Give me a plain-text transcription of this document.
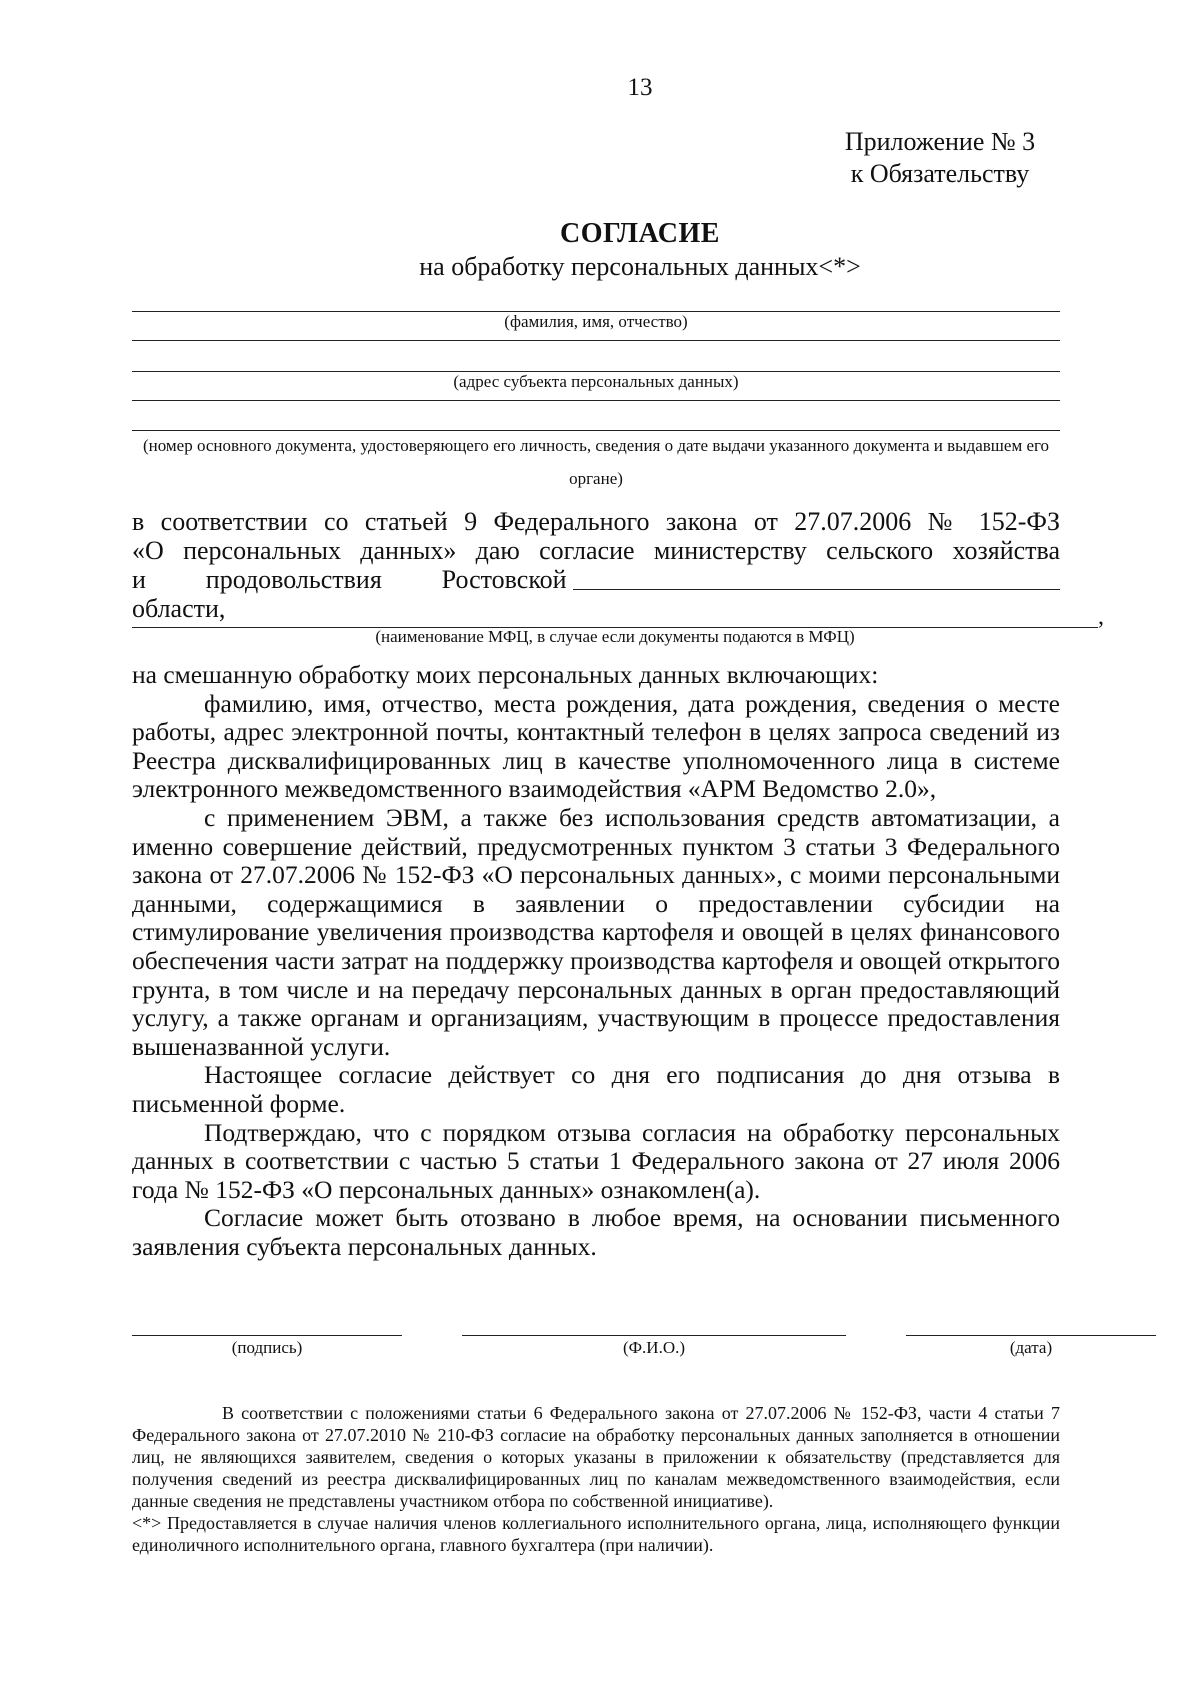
13
Приложение № 3
к Обязательству
СОГЛАСИЕ
на обработку персональных данных<*>
(фамилия, имя, отчество)
(адрес субъекта персональных данных)
(номер основного документа, удостоверяющего его личность, сведения о дате выдачи указанного документа и выдавшем его
органе)
в соответствии со статьей 9 Федерального закона от 27.07.2006 № 152-ФЗ
«О персональных данных» даю согласие министерству сельского хозяйства
и продовольствия Ростовской области,	,
(наименование МФЦ, в случае если документы подаются в МФЦ)

на смешанную обработку моих персональных данных включающих:

фамилию, имя, отчество, места рождения, дата рождения, сведения о месте работы, адрес электронной почты, контактный телефон в целях запроса сведений из Реестра дисквалифицированных лиц в качестве уполномоченного лица в системе электронного межведомственного взаимодействия «АРМ Ведомство 2.0»,

с применением ЭВМ, а также без использования средств автоматизации, а именно совершение действий, предусмотренных пунктом 3 статьи 3 Федерального закона от 27.07.2006 № 152-ФЗ «О персональных данных», с моими персональными данными, содержащимися в заявлении о предоставлении субсидии на стимулирование увеличения производства картофеля и овощей в целях финансового обеспечения части затрат на поддержку производства картофеля и овощей открытого грунта, в том числе и на передачу персональных данных в орган предоставляющий услугу, а также органам и организациям, участвующим в процессе предоставления вышеназванной услуги.

Настоящее согласие действует со дня его подписания до дня отзыва в письменной форме.

Подтверждаю, что с порядком отзыва согласия на обработку персональных данных в соответствии с частью 5 статьи 1 Федерального закона от 27 июля 2006 года № 152-ФЗ «О персональных данных» ознакомлен(а).

Согласие может быть отозвано в любое время, на основании письменного заявления субъекта персональных данных.

(подпись)	(Ф.И.О.)	(дата)

В соответствии с положениями статьи 6 Федерального закона от 27.07.2006 № 152-ФЗ, части 4 статьи 7 Федерального закона от 27.07.2010 № 210-ФЗ согласие на обработку персональных данных заполняется в отношении лиц, не являющихся заявителем, сведения о которых указаны в приложении к обязательству (представляется для получения сведений из реестра дисквалифицированных лиц по каналам межведомственного взаимодействия, если данные сведения не представлены участником отбора по собственной инициативе).

<*> Предоставляется в случае наличия членов коллегиального исполнительного органа, лица, исполняющего функции единоличного исполнительного органа, главного бухгалтера (при наличии).
